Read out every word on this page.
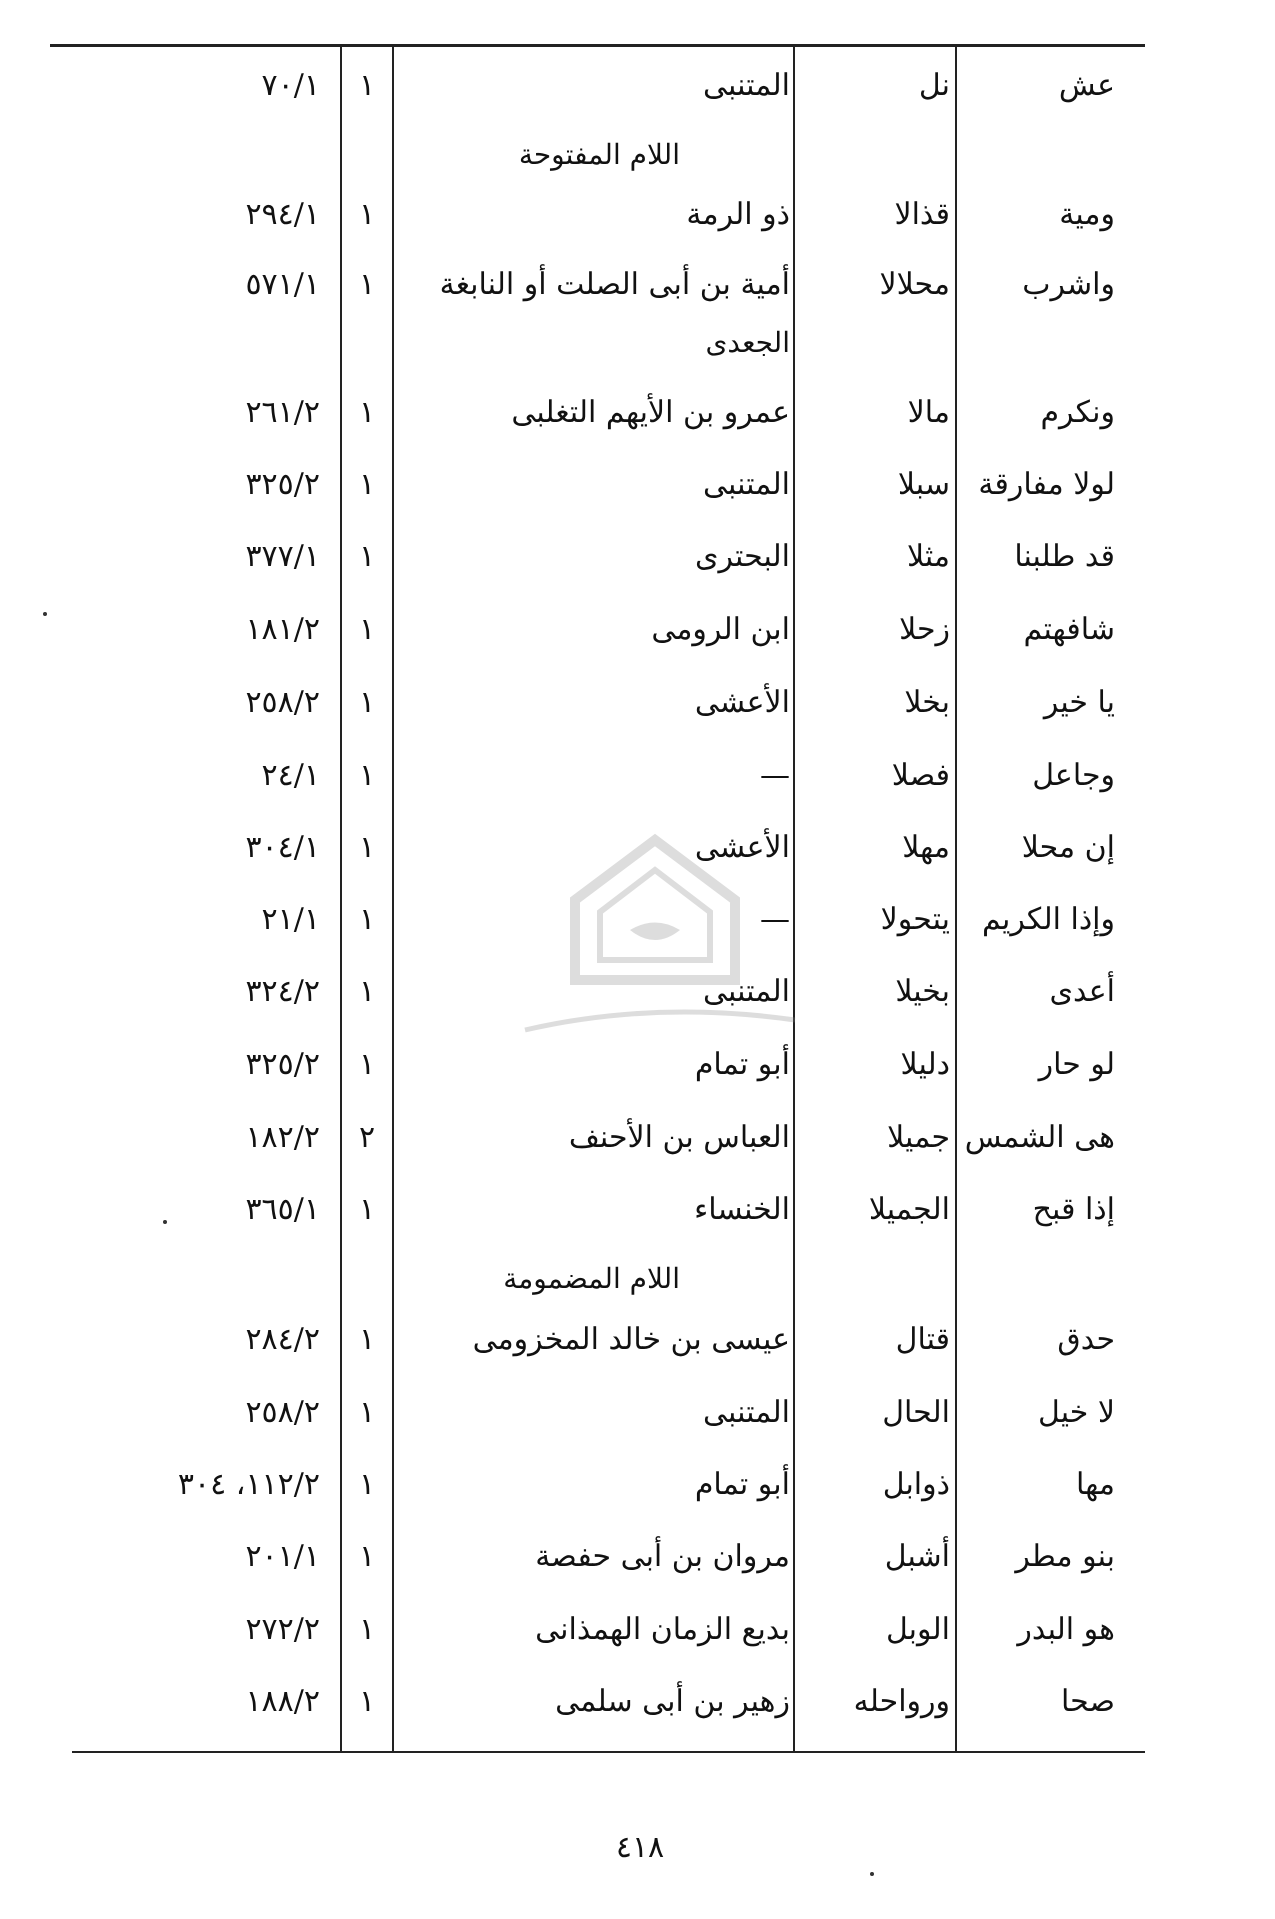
عش
نل
المتنبى
١
٧٠/١
اللام المفتوحة
ومية
قذالا
ذو الرمة
١
٢٩٤/١
واشرب
محلالا
أمية بن أبى الصلت أو النابغة
١
٥٧١/١
الجعدى
ونكرم
مالا
عمرو بن الأيهم التغلبى
١
٢٦١/٢
لولا مفارقة
سبلا
المتنبى
١
٣٢٥/٢
قد طلبنا
مثلا
البحترى
١
٣٧٧/١
شافهتم
زحلا
ابن الرومى
١
١٨١/٢
يا خير
بخلا
الأعشى
١
٢٥٨/٢
وجاعل
فصلا
—
١
٢٤/١
إن محلا
مهلا
الأعشى
١
٣٠٤/١
وإذا الكريم
يتحولا
—
١
٢١/١
أعدى
بخيلا
المتنبى
١
٣٢٤/٢
لو حار
دليلا
أبو تمام
١
٣٢٥/٢
هى الشمس
جميلا
العباس بن الأحنف
٢
١٨٢/٢
إذا قبح
الجميلا
الخنساء
١
٣٦٥/١
اللام المضمومة
حدق
قتال
عيسى بن خالد المخزومى
١
٢٨٤/٢
لا خيل
الحال
المتنبى
١
٢٥٨/٢
مها
ذوابل
أبو تمام
١
١١٢/٢، ٣٠٤
بنو مطر
أشبل
مروان بن أبى حفصة
١
٢٠١/١
هو البدر
الوبل
بديع الزمان الهمذانى
١
٢٧٢/٢
صحا
ورواحله
زهير بن أبى سلمى
١
١٨٨/٢
٤١٨
